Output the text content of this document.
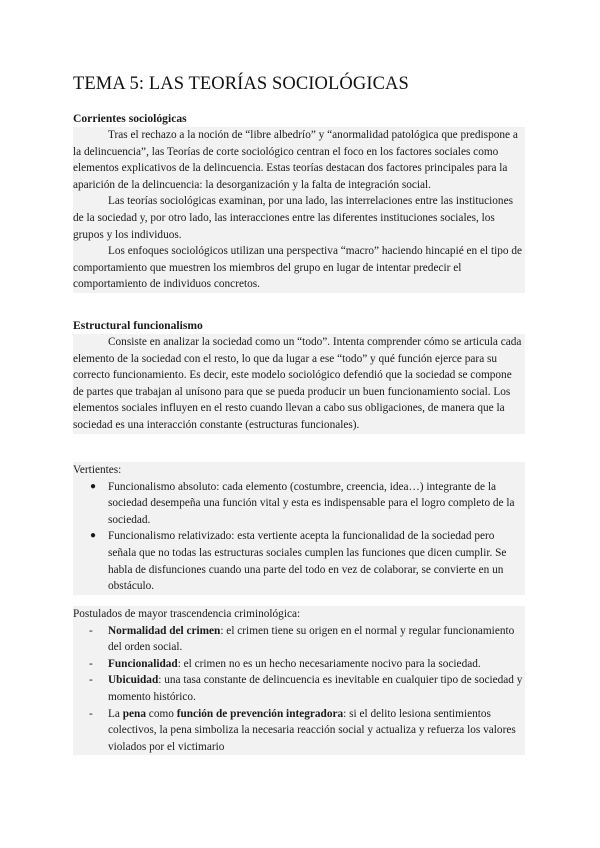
TEMA 5: LAS TEORÍAS SOCIOLÓGICAS
Corrientes sociológicas

Tras el rechazo a la noción de “libre albedrío” y “anormalidad patológica que predispone a la delincuencia”, las Teorías de corte sociológico centran el foco en los factores sociales como elementos explicativos de la delincuencia. Estas teorías destacan dos factores principales para la aparición de la delincuencia: la desorganización y la falta de integración social.

Las teorías sociológicas examinan, por una lado, las interrelaciones entre las instituciones de la sociedad y, por otro lado, las interacciones entre las diferentes instituciones sociales, los grupos y los individuos.

Los enfoques sociológicos utilizan una perspectiva “macro” haciendo hincapié en el tipo de comportamiento que muestren los miembros del grupo en lugar de intentar predecir el comportamiento de individuos concretos.

Estructural funcionalismo

Consiste en analizar la sociedad como un “todo”. Intenta comprender cómo se articula cada elemento de la sociedad con el resto, lo que da lugar a ese “todo” y qué función ejerce para su correcto funcionamiento. Es decir, este modelo sociológico defendió que la sociedad se compone de partes que trabajan al unísono para que se pueda producir un buen funcionamiento social. Los elementos sociales influyen en el resto cuando llevan a cabo sus obligaciones, de manera que la sociedad es una interacción constante (estructuras funcionales).

Vertientes:
● Funcionalismo absoluto: cada elemento (costumbre, creencia, idea…) integrante de la sociedad desempeña una función vital y esta es indispensable para el logro completo de la sociedad.
● Funcionalismo relativizado: esta vertiente acepta la funcionalidad de la sociedad pero señala que no todas las estructuras sociales cumplen las funciones que dicen cumplir. Se habla de disfunciones cuando una parte del todo en vez de colaborar, se convierte en un obstáculo.
Postulados de mayor trascendencia criminológica:
- Normalidad del crimen: el crimen tiene su origen en el normal y regular funcionamiento del orden social.
- Funcionalidad: el crimen no es un hecho necesariamente nocivo para la sociedad.
- Ubicuidad: una tasa constante de delincuencia es inevitable en cualquier tipo de sociedad y momento histórico.
- La pena como función de prevención integradora: si el delito lesiona sentimientos colectivos, la pena simboliza la necesaria reacción social y actualiza y refuerza los valores violados por el victimario
